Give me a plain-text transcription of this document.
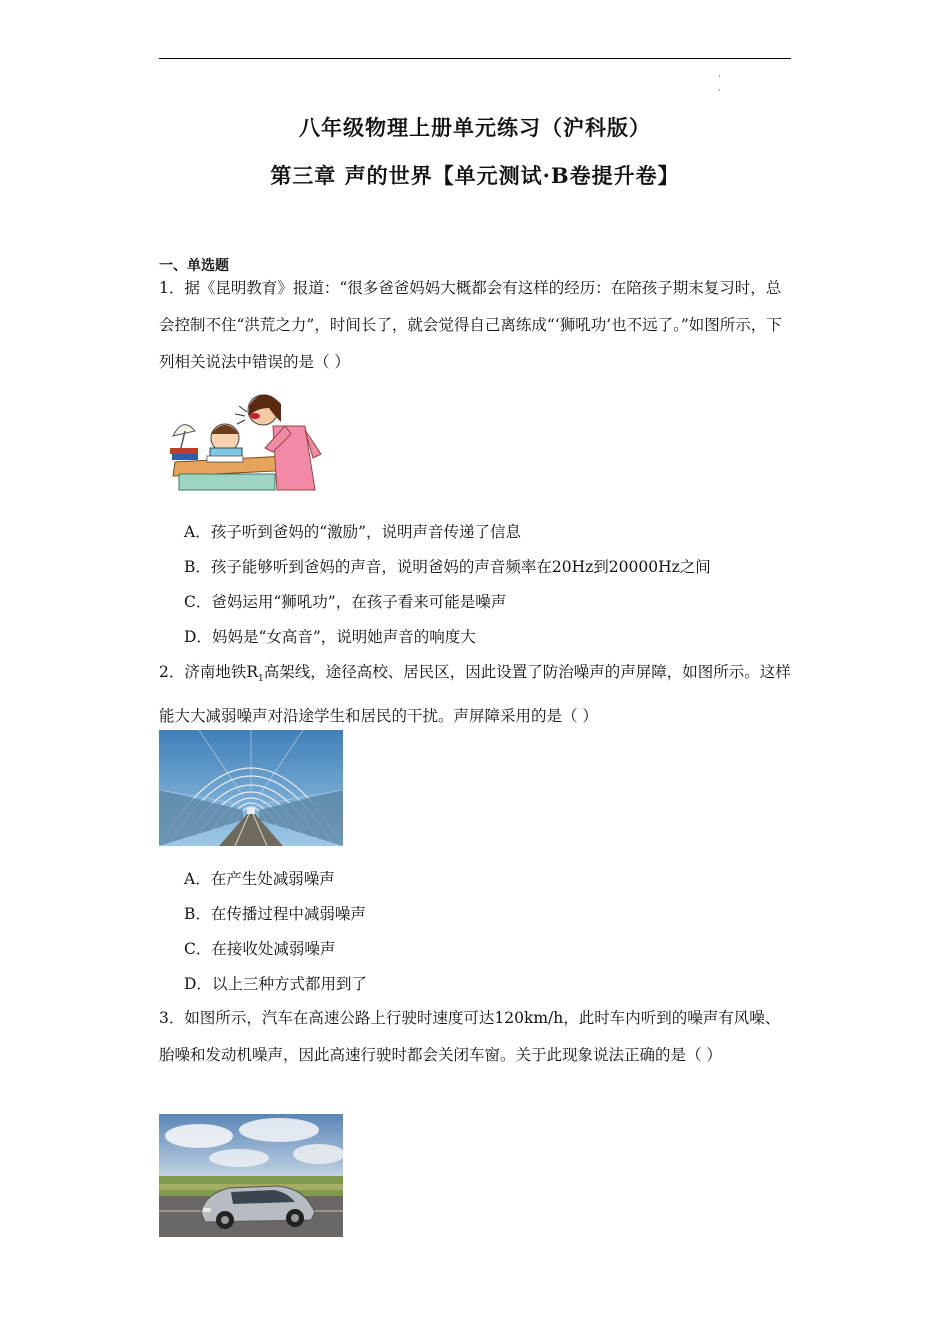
·
·
八年级物理上册单元练习（沪科版）
第三章 声的世界【单元测试·B卷提升卷】
一、单选题
1．据《昆明教育》报道：“很多爸爸妈妈大概都会有这样的经历：在陪孩子期末复习时，总会控制不住“洪荒之力”，时间长了，就会觉得自己离练成“‘狮吼功’也不远了。”如图所示，下列相关说法中错误的是（ ）
A．孩子听到爸妈的“激励”，说明声音传递了信息
B．孩子能够听到爸妈的声音，说明爸妈的声音频率在20Hz到20000Hz之间
C．爸妈运用“狮吼功”，在孩子看来可能是噪声
D．妈妈是“女高音”，说明她声音的响度大
2．济南地铁$R_1$高架线，途径高校、居民区，因此设置了防治噪声的声屏障，如图所示。这样能大大减弱噪声对沿途学生和居民的干扰。声屏障采用的是（ ）
A．在产生处减弱噪声
B．在传播过程中减弱噪声
C．在接收处减弱噪声
D．以上三种方式都用到了
3．如图所示，汽车在高速公路上行驶时速度可达120km/h，此时车内听到的噪声有风噪、胎噪和发动机噪声，因此高速行驶时都会关闭车窗。关于此现象说法正确的是（ ）
